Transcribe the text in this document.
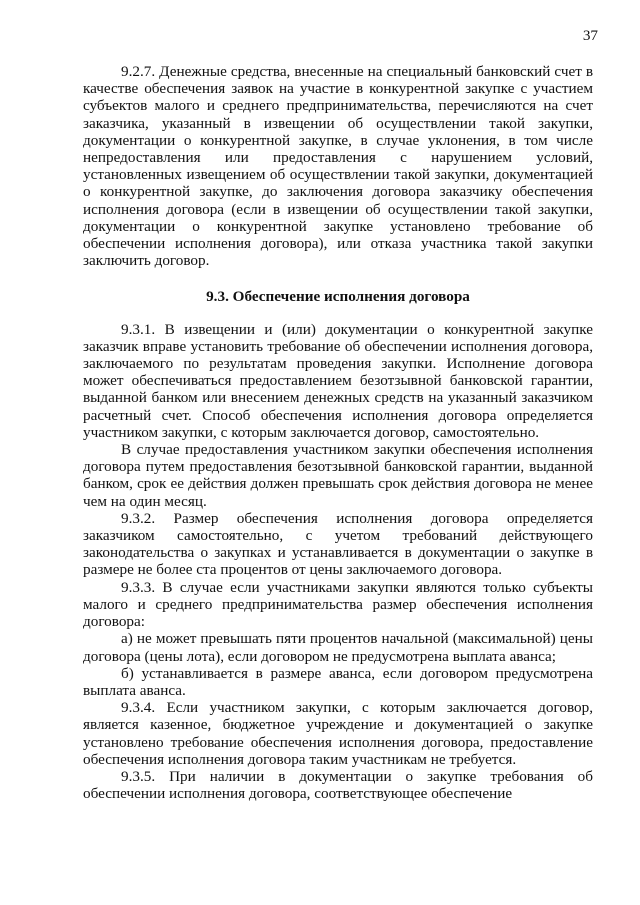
37

9.2.7. Денежные средства, внесенные на специальный банковский счет в качестве обеспечения заявок на участие в конкурентной закупке с участием субъектов малого и среднего предпринимательства, перечисляются на счет заказчика, указанный в извещении об осуществлении такой закупки, документации о конкурентной закупке, в случае уклонения, в том числе непредоставления или предоставления с нарушением условий, установленных извещением об осуществлении такой закупки, документацией о конкурентной закупке, до заключения договора заказчику обеспечения исполнения договора (если в извещении об осуществлении такой закупки, документации о конкурентной закупке установлено требование об обеспечении исполнения договора), или отказа участника такой закупки заключить договор.

9.3. Обеспечение исполнения договора

9.3.1. В извещении и (или) документации о конкурентной закупке заказчик вправе установить требование об обеспечении исполнения договора, заключаемого по результатам проведения закупки. Исполнение договора может обеспечиваться предоставлением безотзывной банковской гарантии, выданной банком или внесением денежных средств на указанный заказчиком расчетный счет. Способ обеспечения исполнения договора определяется участником закупки, с которым заключается договор, самостоятельно.

В случае предоставления участником закупки обеспечения исполнения договора путем предоставления безотзывной банковской гарантии, выданной банком, срок ее действия должен превышать срок действия договора не менее чем на один месяц.

9.3.2. Размер обеспечения исполнения договора определяется заказчиком самостоятельно, с учетом требований действующего законодательства о закупках и устанавливается в документации о закупке в размере не более ста процентов от цены заключаемого договора.

9.3.3. В случае если участниками закупки являются только субъекты малого и среднего предпринимательства размер обеспечения исполнения договора:

а) не может превышать пяти процентов начальной (максимальной) цены договора (цены лота), если договором не предусмотрена выплата аванса;

б) устанавливается в размере аванса, если договором предусмотрена выплата аванса.

9.3.4. Если участником закупки, с которым заключается договор, является казенное, бюджетное учреждение и документацией о закупке установлено требование обеспечения исполнения договора, предоставление обеспечения исполнения договора таким участникам не требуется.

9.3.5. При наличии в документации о закупке требования об обеспечении исполнения договора, соответствующее обеспечение
